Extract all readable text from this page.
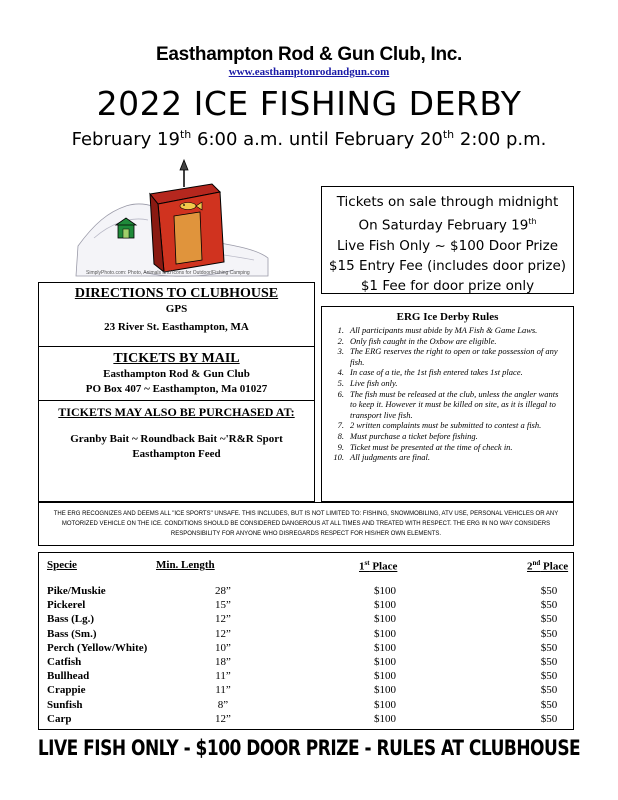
Easthampton Rod & Gun Club, Inc.
www.easthamptonrodandgun.com
2022 ICE FISHING DERBY
February 19th 6:00 a.m. until February 20th 2:00 p.m.
SimplyPhoto.com: Photo, Animals and Icons for Outdoor/Fishing Camping
Tickets on sale through midnight
On Saturday February 19th
Live Fish Only ~ $100 Door Prize
$15 Entry Fee (includes door prize)
$1 Fee for door prize only
DIRECTIONS TO CLUBHOUSE
GPS
23 River St. Easthampton, MA
TICKETS BY MAIL
Easthampton Rod & Gun Club
PO Box 407 ~ Easthampton, Ma 01027
TICKETS MAY ALSO BE PURCHASED AT:
Granby Bait ~ Roundback Bait ~'R&R Sport
Easthampton Feed
ERG Ice Derby Rules
1. All participants must abide by MA Fish & Game Laws.
2. Only fish caught in the Oxbow are eligible.
3. The ERG reserves the right to open or take possession of any fish.
4. In case of a tie, the 1st fish entered takes 1st place.
5. Live fish only.
6. The fish must be released at the club, unless the angler wants to keep it. However it must be killed on site, as it is illegal to transport live fish.
7. 2 written complaints must be submitted to contest a fish.
8. Must purchase a ticket before fishing.
9. Ticket must be presented at the time of check in.
10. All judgments are final.
THE ERG RECOGNIZES AND DEEMS ALL "ICE SPORTS" UNSAFE. THIS INCLUDES, BUT IS NOT LIMITED TO: FISHING, SNOWMOBILING, ATV USE, PERSONAL VEHICLES OR ANY MOTORIZED VEHICLE ON THE ICE. CONDITIONS SHOULD BE CONSIDERED DANGEROUS AT ALL TIMES AND TREATED WITH RESPECT. THE ERG IN NO WAY CONSIDERS RESPONSIBILITY FOR ANYONE WHO DISREGARDS RESPECT FOR HIS/HER OWN ELEMENTS.
Specie	Min. Length	1st Place	2nd Place
Pike/Muskie	28”	$100	$50
Pickerel	15”	$100	$50
Bass (Lg.)	12”	$100	$50
Bass (Sm.)	12”	$100	$50
Perch (Yellow/White)	10”	$100	$50
Catfish	18”	$100	$50
Bullhead	11”	$100	$50
Crappie	11”	$100	$50
Sunfish	8”	$100	$50
Carp	12”	$100	$50
LIVE FISH ONLY - $100 DOOR PRIZE - RULES AT CLUBHOUSE
